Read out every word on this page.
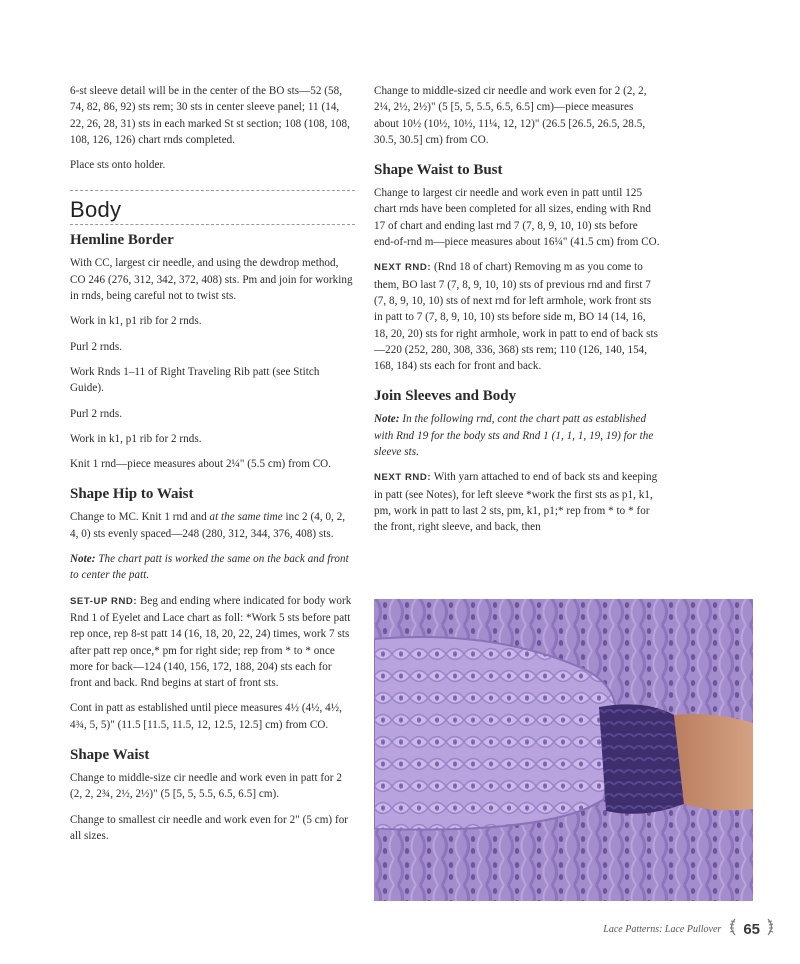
6-st sleeve detail will be in the center of the BO sts—52 (58, 74, 82, 86, 92) sts rem; 30 sts in center sleeve panel; 11 (14, 22, 26, 28, 31) sts in each marked St st section; 108 (108, 108, 108, 126, 126) chart rnds completed.

Place sts onto holder.

Body
Hemline Border

With CC, largest cir needle, and using the dewdrop method, CO 246 (276, 312, 342, 372, 408) sts. Pm and join for working in rnds, being careful not to twist sts.

Work in k1, p1 rib for 2 rnds.

Purl 2 rnds.

Work Rnds 1–11 of Right Traveling Rib patt (see Stitch Guide).

Purl 2 rnds.

Work in k1, p1 rib for 2 rnds.

Knit 1 rnd—piece measures about 2¼" (5.5 cm) from CO.

Shape Hip to Waist

Change to MC. Knit 1 rnd and at the same time inc 2 (4, 0, 2, 4, 0) sts evenly spaced—248 (280, 312, 344, 376, 408) sts.

Note: The chart patt is worked the same on the back and front to center the patt.

SET-UP RND: Beg and ending where indicated for body work Rnd 1 of Eyelet and Lace chart as foll: *Work 5 sts before patt rep once, rep 8-st patt 14 (16, 18, 20, 22, 24) times, work 7 sts after patt rep once,* pm for right side; rep from * to * once more for back—124 (140, 156, 172, 188, 204) sts each for front and back. Rnd begins at start of front sts.

Cont in patt as established until piece measures 4½ (4½, 4½, 4¾, 5, 5)" (11.5 [11.5, 11.5, 12, 12.5, 12.5] cm) from CO.

Shape Waist

Change to middle-size cir needle and work even in patt for 2 (2, 2, 2¾, 2½, 2½)" (5 [5, 5, 5.5, 6.5, 6.5] cm).

Change to smallest cir needle and work even for 2" (5 cm) for all sizes.

Change to middle-sized cir needle and work even for 2 (2, 2, 2¼, 2½, 2½)" (5 [5, 5, 5.5, 6.5, 6.5] cm)—piece measures about 10½ (10½, 10½, 11¼, 12, 12)" (26.5 [26.5, 26.5, 28.5, 30.5, 30.5] cm) from CO.

Shape Waist to Bust

Change to largest cir needle and work even in patt until 125 chart rnds have been completed for all sizes, ending with Rnd 17 of chart and ending last rnd 7 (7, 8, 9, 10, 10) sts before end-of-rnd m—piece measures about 16¼" (41.5 cm) from CO.

NEXT RND: (Rnd 18 of chart) Removing m as you come to them, BO last 7 (7, 8, 9, 10, 10) sts of previous rnd and first 7 (7, 8, 9, 10, 10) sts of next rnd for left armhole, work front sts in patt to 7 (7, 8, 9, 10, 10) sts before side m, BO 14 (14, 16, 18, 20, 20) sts for right armhole, work in patt to end of back sts—220 (252, 280, 308, 336, 368) sts rem; 110 (126, 140, 154, 168, 184) sts each for front and back.

Join Sleeves and Body

Note: In the following rnd, cont the chart patt as established with Rnd 19 for the body sts and Rnd 1 (1, 1, 1, 19, 19) for the sleeve sts.

NEXT RND: With yarn attached to end of back sts and keeping in patt (see Notes), for left sleeve *work the first sts as p1, k1, pm, work in patt to last 2 sts, pm, k1, p1;* rep from * to * for the front, right sleeve, and back, then

Lace Patterns: Lace Pullover 65
